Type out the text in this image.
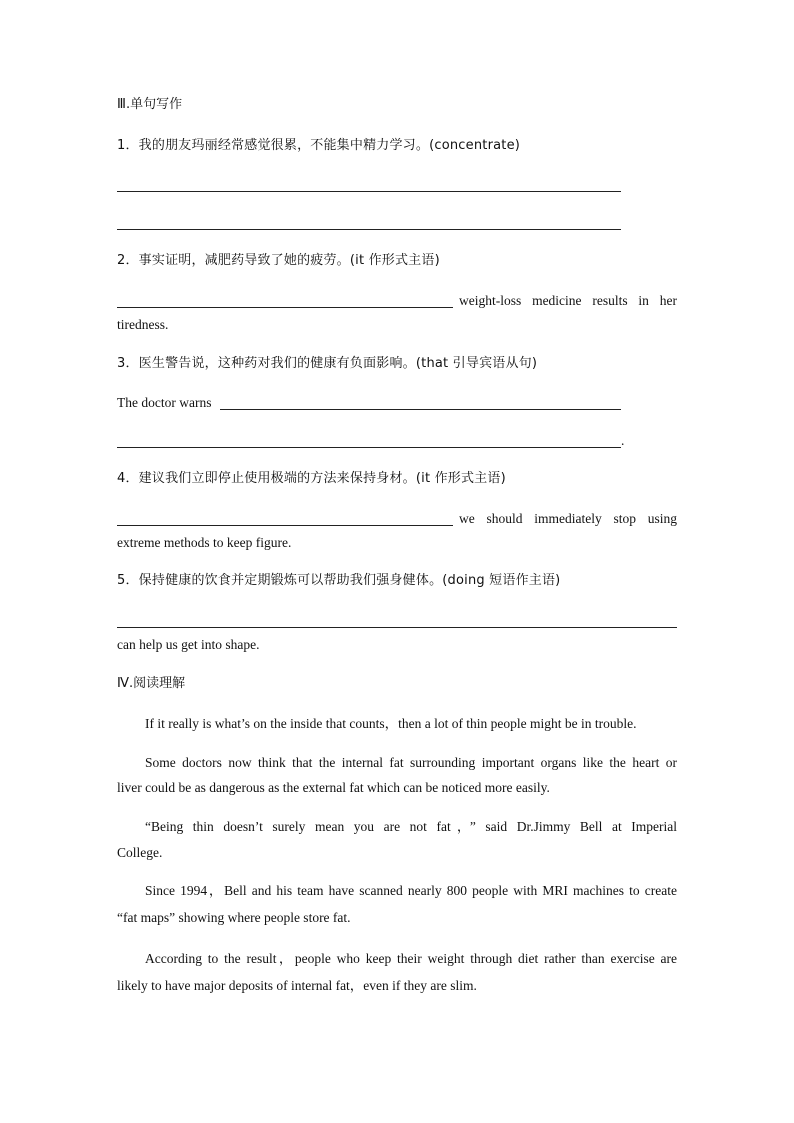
Ⅲ.单句写作
1．我的朋友玛丽经常感觉很累，不能集中精力学习。(concentrate)
2．事实证明，减肥药导致了她的疲劳。(it 作形式主语)
weight-loss medicine results in her
tiredness.
3．医生警告说，这种药对我们的健康有负面影响。(that 引导宾语从句)
The doctor warns
.
4．建议我们立即停止使用极端的方法来保持身材。(it 作形式主语)
we should immediately stop using
extreme methods to keep figure.
5．保持健康的饮食并定期锻炼可以帮助我们强身健体。(doing 短语作主语)
can help us get into shape.
Ⅳ.阅读理解
If it really is what’s on the inside that counts，then a lot of thin people might be in trouble.
Some doctors now think that the internal fat surrounding important organs like the heart or
liver could be as dangerous as the external fat which can be noticed more easily.
“Being thin doesn’t surely mean you are not fat，” said Dr.Jimmy Bell at Imperial
College.
Since 1994，Bell and his team have scanned nearly 800 people with MRI machines to create
“fat maps” showing where people store fat.
According to the result，people who keep their weight through diet rather than exercise are
likely to have major deposits of internal fat，even if they are slim.
